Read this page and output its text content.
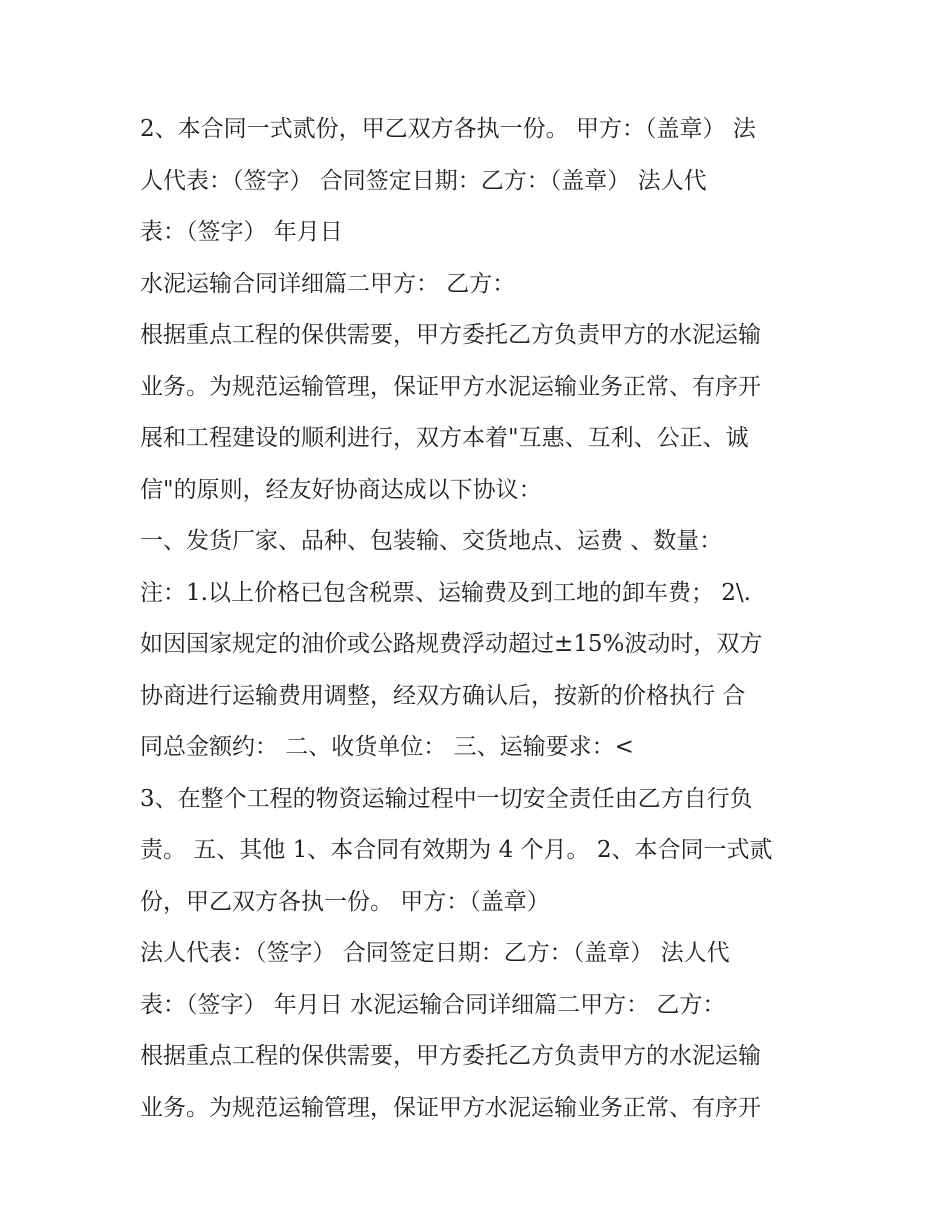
2、本合同一式贰份，甲乙双方各执一份。 甲方：（盖章） 法
人代表：（签字） 合同签定日期：乙方：（盖章） 法人代
表：（签字） 年月日
水泥运输合同详细篇二甲方： 乙方：
根据重点工程的保供需要，甲方委托乙方负责甲方的水泥运输
业务。为规范运输管理，保证甲方水泥运输业务正常、有序开
展和工程建设的顺利进行，双方本着"互惠、互利、公正、诚
信"的原则，经友好协商达成以下协议：
一、发货厂家、品种、包装输、交货地点、运费 、数量：
注：1.以上价格已包含税票、运输费及到工地的卸车费； 2\.
如因国家规定的油价或公路规费浮动超过±15%波动时，双方
协商进行运输费用调整，经双方确认后，按新的价格执行 合
同总金额约： 二、收货单位： 三、运输要求：<
3、在整个工程的物资运输过程中一切安全责任由乙方自行负
责。 五、其他 1、本合同有效期为 4 个月。 2、本合同一式贰
份，甲乙双方各执一份。 甲方：（盖章）
法人代表：（签字） 合同签定日期：乙方：（盖章） 法人代
表：（签字） 年月日 水泥运输合同详细篇二甲方： 乙方：
根据重点工程的保供需要，甲方委托乙方负责甲方的水泥运输
业务。为规范运输管理，保证甲方水泥运输业务正常、有序开
